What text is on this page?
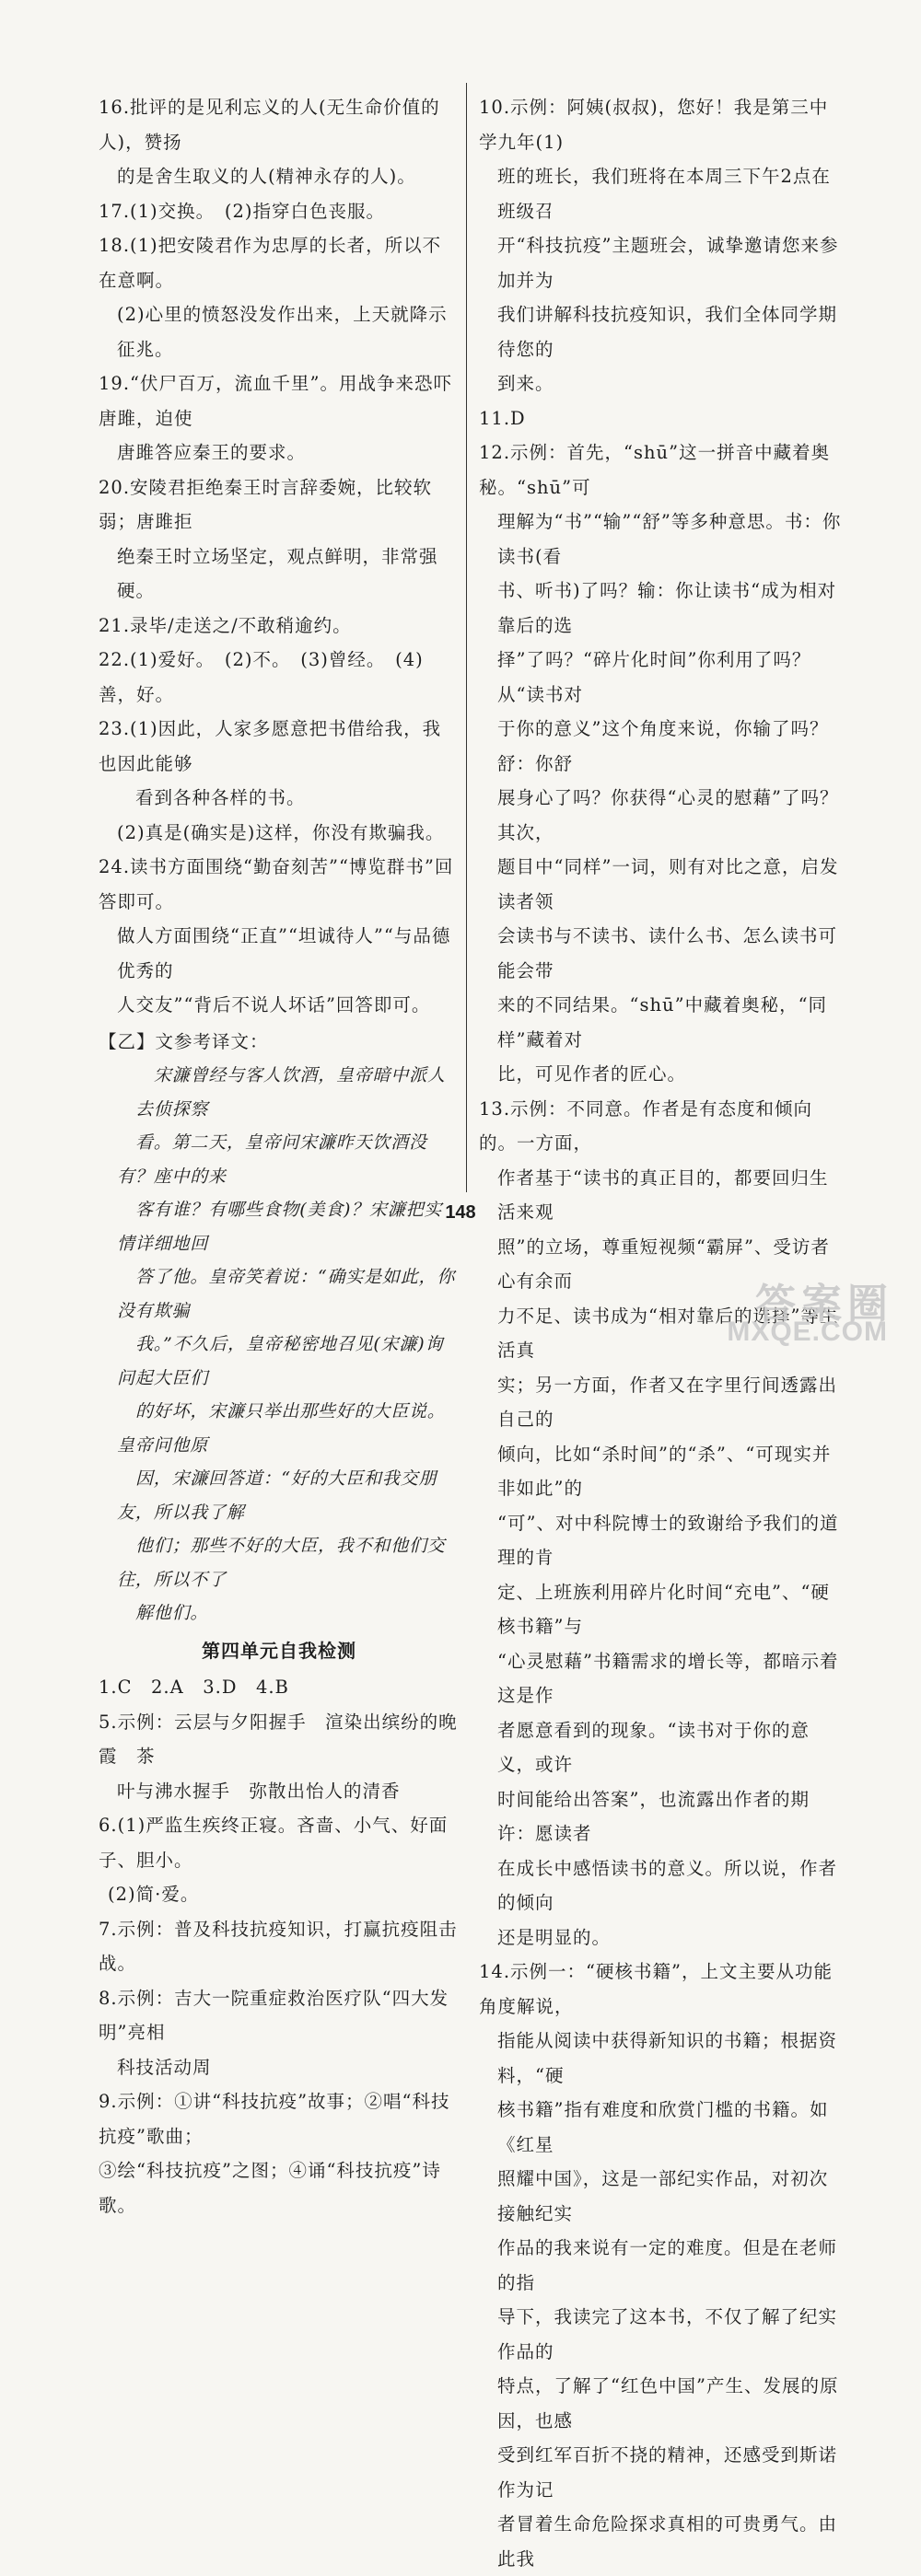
16.批评的是见利忘义的人(无生命价值的人)，赞扬
的是舍生取义的人(精神永存的人)。
17.(1)交换。　(2)指穿白色丧服。
18.(1)把安陵君作为忠厚的长者，所以不在意啊。
(2)心里的愤怒没发作出来，上天就降示征兆。
19.“伏尸百万，流血千里”。用战争来恐吓唐雎，迫使
唐雎答应秦王的要求。
20.安陵君拒绝秦王时言辞委婉，比较软弱；唐雎拒
绝秦王时立场坚定，观点鲜明，非常强硬。
21.录毕/走送之/不敢稍逾约。
22.(1)爱好。　(2)不。　(3)曾经。　(4)善，好。
23.(1)因此，人家多愿意把书借给我，我也因此能够
看到各种各样的书。
(2)真是(确实是)这样，你没有欺骗我。
24.读书方面围绕“勤奋刻苦”“博览群书”回答即可。
做人方面围绕“正直”“坦诚待人”“与品德优秀的
人交友”“背后不说人坏话”回答即可。
【乙】文参考译文：
宋濂曾经与客人饮酒，皇帝暗中派人去侦探察
看。第二天，皇帝问宋濂昨天饮酒没有？座中的来
客有谁？有哪些食物(美食)？宋濂把实情详细地回
答了他。皇帝笑着说：“确实是如此，你没有欺骗
我。”不久后，皇帝秘密地召见(宋濂)询问起大臣们
的好坏，宋濂只举出那些好的大臣说。皇帝问他原
因，宋濂回答道：“好的大臣和我交朋友，所以我了解
他们；那些不好的大臣，我不和他们交往，所以不了
解他们。
第四单元自我检测
1.C　2.A　3.D　4.B
5.示例：云层与夕阳握手　渲染出缤纷的晚霞　茶
叶与沸水握手　弥散出怡人的清香
6.(1)严监生疾终正寝。吝啬、小气、好面子、胆小。
(2)简·爱。
7.示例：普及科技抗疫知识，打赢抗疫阻击战。
8.示例：吉大一院重症救治医疗队“四大发明”亮相
科技活动周
9.示例：①讲“科技抗疫”故事；②唱“科技抗疫”歌曲；
③绘“科技抗疫”之图；④诵“科技抗疫”诗歌。
10.示例：阿姨(叔叔)，您好！我是第三中学九年(1)
班的班长，我们班将在本周三下午2点在班级召
开“科技抗疫”主题班会，诚挚邀请您来参加并为
我们讲解科技抗疫知识，我们全体同学期待您的
到来。
11.D
12.示例：首先，“shū”这一拼音中藏着奥秘。“shū”可
理解为“书”“输”“舒”等多种意思。书：你读书(看
书、听书)了吗？输：你让读书“成为相对靠后的选
择”了吗？“碎片化时间”你利用了吗？从“读书对
于你的意义”这个角度来说，你输了吗？舒：你舒
展身心了吗？你获得“心灵的慰藉”了吗？其次，
题目中“同样”一词，则有对比之意，启发读者领
会读书与不读书、读什么书、怎么读书可能会带
来的不同结果。“shū”中藏着奥秘，“同样”藏着对
比，可见作者的匠心。
13.示例：不同意。作者是有态度和倾向的。一方面，
作者基于“读书的真正目的，都要回归生活来观
照”的立场，尊重短视频“霸屏”、受访者心有余而
力不足、读书成为“相对靠后的选择”等生活真
实；另一方面，作者又在字里行间透露出自己的
倾向，比如“杀时间”的“杀”、“可现实并非如此”的
“可”、对中科院博士的致谢给予我们的道理的肯
定、上班族利用碎片化时间“充电”、“硬核书籍”与
“心灵慰藉”书籍需求的增长等，都暗示着这是作
者愿意看到的现象。“读书对于你的意义，或许
时间能给出答案”，也流露出作者的期许：愿读者
在成长中感悟读书的意义。所以说，作者的倾向
还是明显的。
14.示例一：“硬核书籍”，上文主要从功能角度解说，
指能从阅读中获得新知识的书籍；根据资料，“硬
核书籍”指有难度和欣赏门槛的书籍。如《红星
照耀中国》，这是一部纪实作品，对初次接触纪实
作品的我来说有一定的难度。但是在老师的指
导下，我读完了这本书，不仅了解了纪实作品的
特点，了解了“红色中国”产生、发展的原因，也感
受到红军百折不挠的精神，还感受到斯诺作为记
者冒着生命危险探求真相的可贵勇气。由此我
148
答案圈
MXQE.COM
